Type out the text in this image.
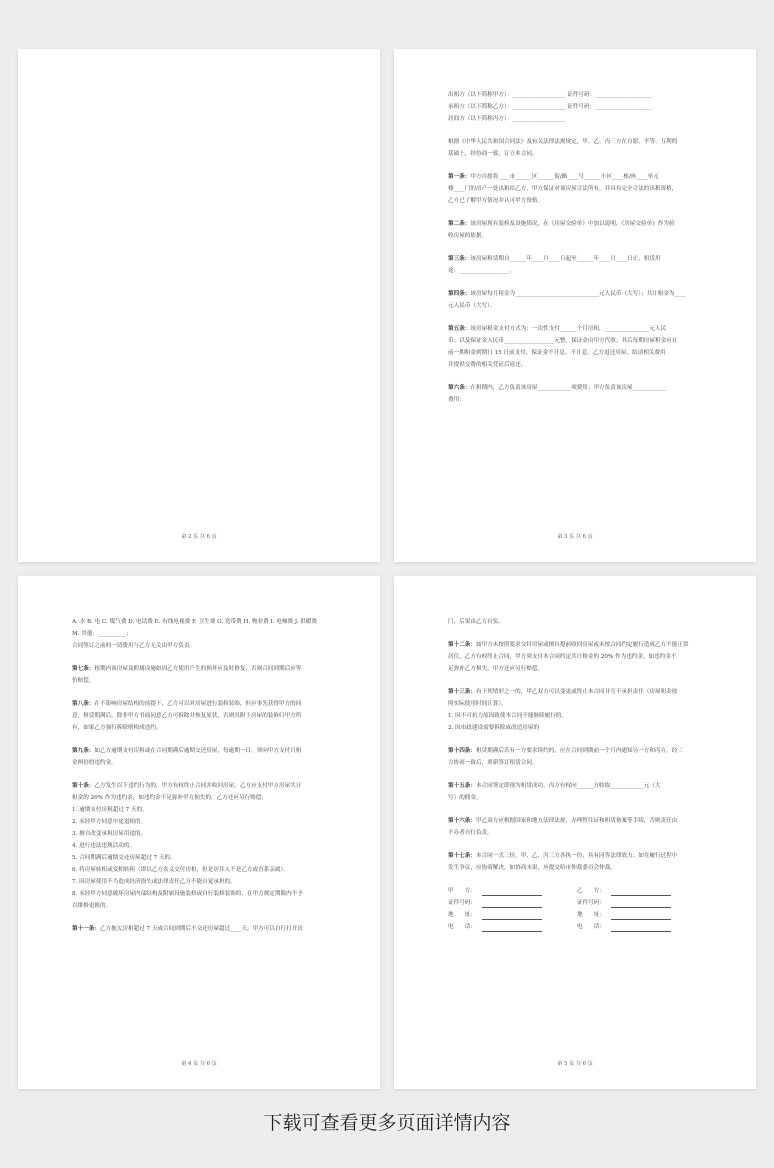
第 2 页 共 6 页
出租方（以下简称甲方）：___________________ 证件号码：____________________
承租方（以下简称乙方）：___________________ 证件号码：____________________
居间方（以下简称丙方）：___________________
根据《中华人民共和国合同法》及有关法律法规规定，甲、乙、丙三方在自愿、平等、互利的
基础上，经协商一致，订立本合同。
第一条：甲方自愿将____市______区______街/路____号______小区____栋/座____单元
楼____门的房产一处出租给乙方，甲方保证对该房屋合法所有，并具有完全合法的出租资格，
乙方已了解甲方情况并认可甲方资格。
第二条：该房屋现有装修及设施情况，在《房屋交验单》中加以说明，《房屋交验单》作为验
收房屋的依据。
第三条：该房屋租赁期自______年____月____日起至______年____月____日止，租赁用
途：__________________。
第四条：该房屋每月租金为______________________________元人民币（大写）；共计租金为____
元人民币（大写）。
第五条：该房屋租金支付方式为：一次性支付______个月房租，________________元人民
币；以及保证金人民币__________________元整。保证金由甲方代收；其后每期房屋租金应在
前一期租金到期日 15 日前支付，保证金不计息，不计息。乙方退还房屋、结清相关费用
并提供交费的相关凭证后返还。
第六条：在租期内，乙方负责该房屋____________项费用；甲方负责该房屋____________
费用：
第 3 页 共 6 页
A. 水 B. 电 C. 煤气费 D. 电话费 E. 有线电视费 F. 卫生费 G. 宽带费 H. 物业费 I. 电梯费 J. 供暖费
M. 其他：__________；
合同签订之前的一切费用与乙方无关由甲方负责。
第七条：租期内该房屋及附属设施如因乙方使用产生的损坏应及时修复，否则合同到期后应等
价赔偿。
第八条：在不影响房屋结构的前提下，乙方可以对房屋进行装修装饰，但应事先获得甲方的同
意，租赁期满后，除非甲方书面同意乙方可拆除并恢复原状，否则其附于房屋的装修归甲方所
有，如果乙方强行拆除则构成违约。
第九条：如乙方逾期支付房租或在合同期满后逾期交还房屋，每逾期一日，须向甲方支付日租
金两倍的违约金。
第十条：乙方发生以下违约行为的，甲方有权终止合同并收回房屋，乙方应支付甲方房屋共计
租金的 20% 作为违约金，如违约金不足弥补甲方损失的，乙方还应另行赔偿：
1. 逾期支付房租超过 7 天的。
2. 未经甲方同意中途退租的。
3. 擅自改变承租房屋用途的。
4. 进行违法违规活动的。
5. 合同期满后逾期交还房屋超过 7 天的。
6. 将房屋转租或变相转租（即以乙方名义交付房租，但是居住人不是乙方或直系亲属）。
7. 因房屋使用不当造成经济损失或法律责任乙方不能自觉承担的。
8. 未经甲方同意破坏房屋内部结构及附属设施装修或自行装修装饰的，在甲方规定期限内不予
以维修更换的。
第十一条：乙方拖欠房租超过 7 天或合同到期后不交还房屋超过____天，甲方可以自行打开房
第 4 页 共 6 页
门，后果由乙方自负。
第十二条：如甲方未按照要求交付房屋或擅自提前收回房屋或未按合同约定履行造成乙方不能正常
居住，乙方有权终止合同，甲方须支付本合同约定共计租金的 20% 作为违约金，如违约金不
足弥补乙方损失，甲方还应另行赔偿。
第十三条：有下列情形之一的，甲乙双方可以变更或终止本合同并互不承担责任（房屋租金按
照实际使用时间计算）。
1. 因不可抗力原因致使本合同不能继续履行的。
2. 因市政建设需要拆除或改造房屋的
第十四条：租赁期满后若有一方要求续约的，应在合同到期前一个月内通知另一方和丙方，经三
方协商一致后，重新签订租赁合同。
第十五条：本合同签定即视为租赁成功，丙方有权向______方收取____________元（大
写）的佣金。
第十六条：甲乙双方应根据国家和地方法律法规，办理暂住证和租赁备案等手续，否则责任由
不办者自行负责。
第十七条：本合同一式三份，甲、乙、丙三方各执一份，具有同等法律效力；如在履行过程中
发生争议，应协商解决，如协商未果，应提交哈市仲裁委员会仲裁。
甲　　方：	乙　　方：
证件号码：	证件号码：
地　　址：	地　　址：
电　　话：	电　　话：
第 5 页 共 6 页
下载可查看更多页面详情内容
